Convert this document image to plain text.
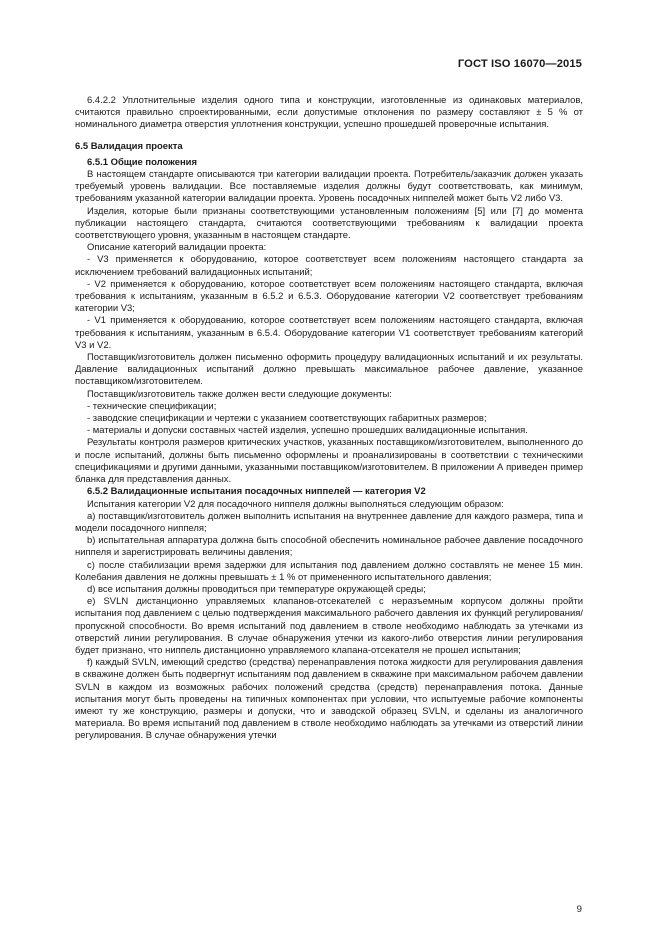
ГОСТ ISO 16070—2015

6.4.2.2 Уплотнительные изделия одного типа и конструкции, изготовленные из одинаковых материалов, считаются правильно спроектированными, если допустимые отклонения по размеру составляют ± 5 % от номинального диаметра отверстия уплотнения конструкции, успешно прошедшей проверочные испытания.

6.5 Валидация проекта

6.5.1 Общие положения

В настоящем стандарте описываются три категории валидации проекта. Потребитель/заказчик должен указать требуемый уровень валидации. Все поставляемые изделия должны будут соответствовать, как минимум, требованиям указанной категории валидации проекта. Уровень посадочных ниппелей может быть V2 либо V3.

Изделия, которые были признаны соответствующими установленным положениям [5] или [7] до момента публикации настоящего стандарта, считаются соответствующими требованиям к валидации проекта соответствующего уровня, указанным в настоящем стандарте.

Описание категорий валидации проекта:

- V3 применяется к оборудованию, которое соответствует всем положениям настоящего стандарта за исключением требований валидационных испытаний;

- V2 применяется к оборудованию, которое соответствует всем положениям настоящего стандарта, включая требования к испытаниям, указанным в 6.5.2 и 6.5.3. Оборудование категории V2 соответствует требованиям категории V3;

- V1 применяется к оборудованию, которое соответствует всем положениям настоящего стандарта, включая требования к испытаниям, указанным в 6.5.4. Оборудование категории V1 соответствует требованиям категорий V3 и V2.

Поставщик/изготовитель должен письменно оформить процедуру валидационных испытаний и их результаты. Давление валидационных испытаний должно превышать максимальное рабочее давление, указанное поставщиком/изготовителем.

Поставщик/изготовитель также должен вести следующие документы:

- технические спецификации;

- заводские спецификации и чертежи с указанием соответствующих габаритных размеров;

- материалы и допуски составных частей изделия, успешно прошедших валидационные испытания.

Результаты контроля размеров критических участков, указанных поставщиком/изготовителем, выполненного до и после испытаний, должны быть письменно оформлены и проанализированы в соответствии с техническими спецификациями и другими данными, указанными поставщиком/изготовителем. В приложении А приведен пример бланка для представления данных.

6.5.2 Валидационные испытания посадочных ниппелей — категория V2

Испытания категории V2 для посадочного ниппеля должны выполняться следующим образом:

а) поставщик/изготовитель должен выполнить испытания на внутреннее давление для каждого размера, типа и модели посадочного ниппеля;

b) испытательная аппаратура должна быть способной обеспечить номинальное рабочее давление посадочного ниппеля и зарегистрировать величины давления;

c) после стабилизации время задержки для испытания под давлением должно составлять не менее 15 мин. Колебания давления не должны превышать ± 1 % от примененного испытательного давления;

d) все испытания должны проводиться при температуре окружающей среды;

e) SVLN дистанционно управляемых клапанов-отсекателей с неразъемным корпусом должны пройти испытания под давлением с целью подтверждения максимального рабочего давления их функций регулирования/пропускной способности. Во время испытаний под давлением в стволе необходимо наблюдать за утечками из отверстий линии регулирования. В случае обнаружения утечки из какого-либо отверстия линии регулирования будет признано, что ниппель дистанционно управляемого клапана-отсекателя не прошел испытания;

f) каждый SVLN, имеющий средство (средства) перенаправления потока жидкости для регулирования давления в скважине должен быть подвергнут испытаниям под давлением в скважине при максимальном рабочем давлении SVLN в каждом из возможных рабочих положений средства (средств) перенаправления потока. Данные испытания могут быть проведены на типичных компонентах при условии, что испытуемые рабочие компоненты имеют ту же конструкцию, размеры и допуски, что и заводской образец SVLN, и сделаны из аналогичного материала. Во время испытаний под давлением в стволе необходимо наблюдать за утечками из отверстий линии регулирования. В случае обнаружения утечки

9
